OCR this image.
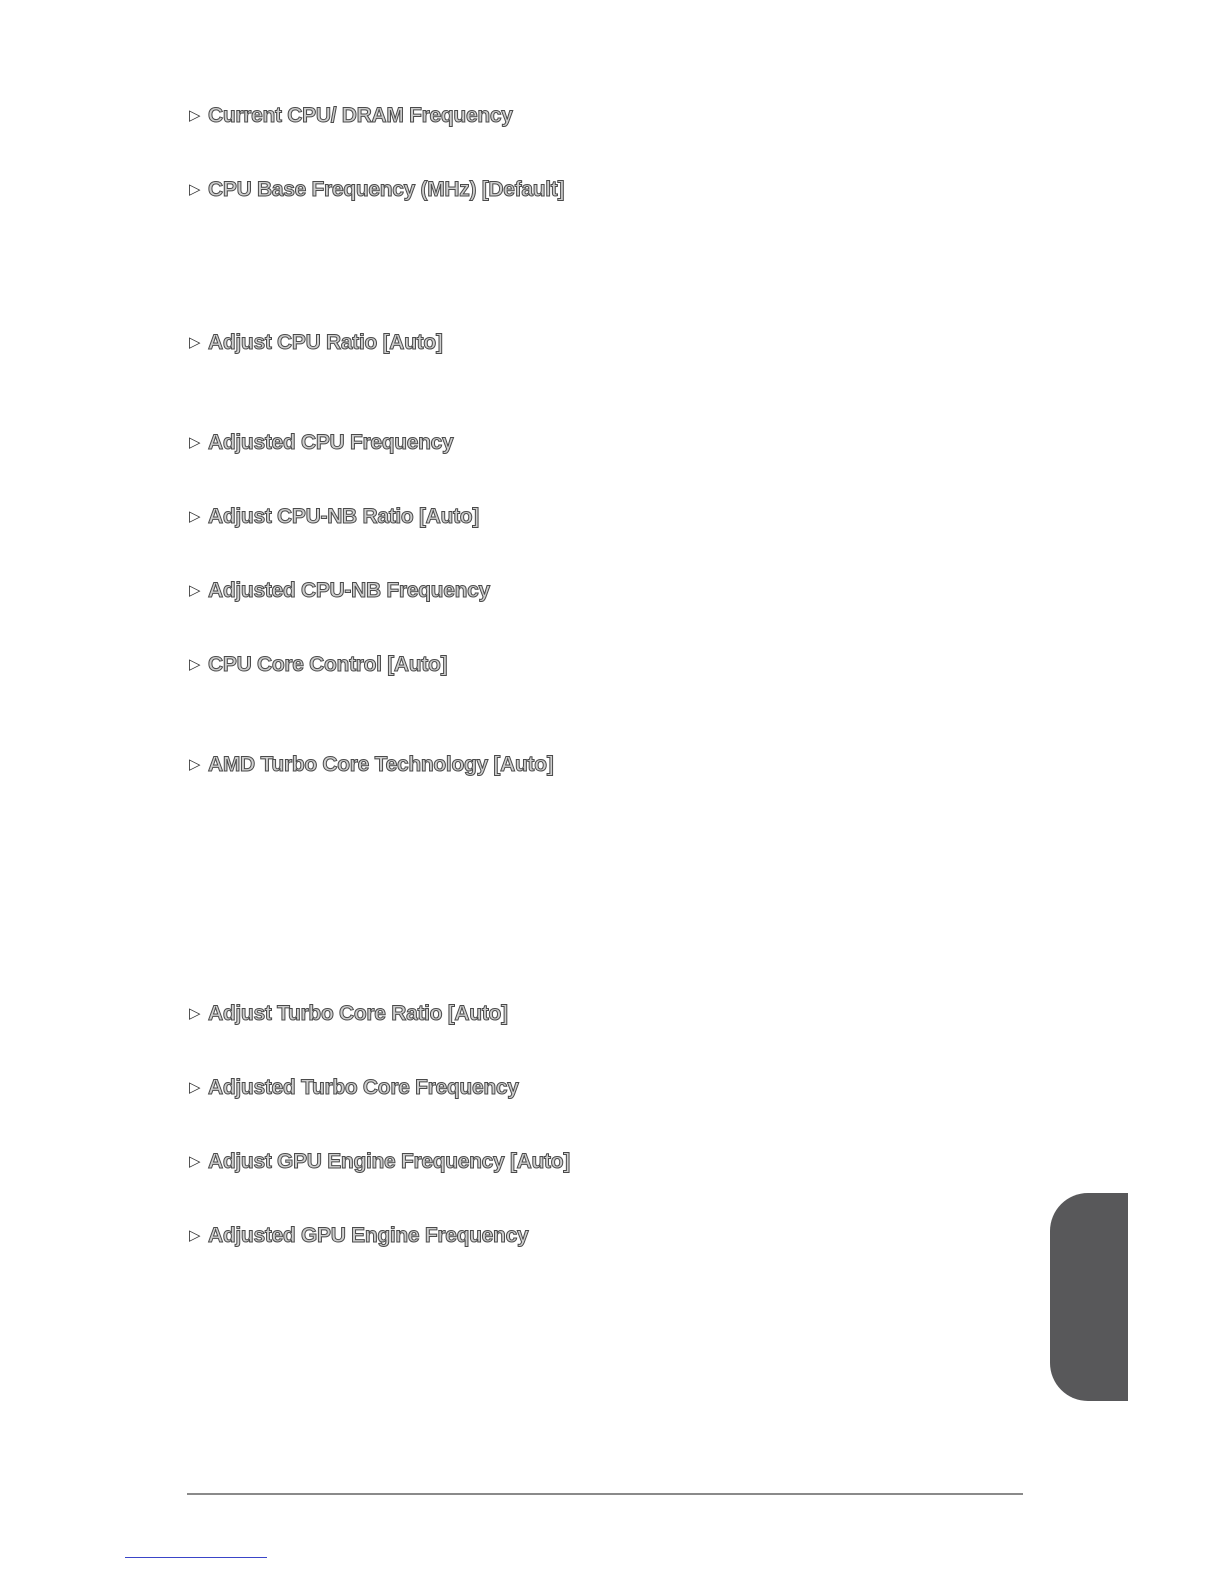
▷ Current CPU/ DRAM Frequency
▷ CPU Base Frequency (MHz) [Default]
▷ Adjust CPU Ratio [Auto]
▷ Adjusted CPU Frequency
▷ Adjust CPU-NB Ratio [Auto]
▷ Adjusted CPU-NB Frequency
▷ CPU Core Control [Auto]
▷ AMD Turbo Core Technology [Auto]
▷ Adjust Turbo Core Ratio [Auto]
▷ Adjusted Turbo Core Frequency
▷ Adjust GPU Engine Frequency [Auto]
▷ Adjusted GPU Engine Frequency
